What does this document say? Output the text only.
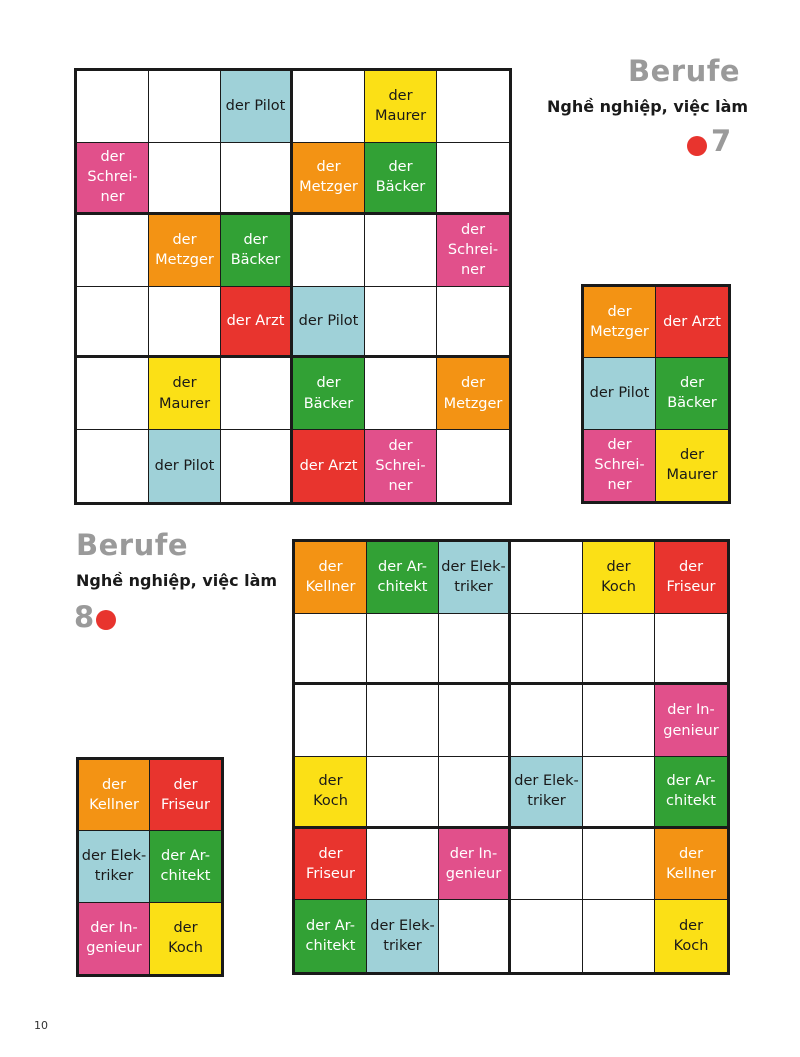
der Pilot
der
Maurer
der
Schrei-
ner
der
Metzger
der
Bäcker
der
Metzger
der
Bäcker
der
Schrei-
ner
der Arzt der Pilot
der
Maurer
der
Bäcker
der
Metzger
der Pilot	der Arzt
der
Schrei-
ner
Berufe
Nghề nghiệp, việc làm
7
der
Metzger
der Arzt
der Pilot
der
Bäcker
der
Schrei-
ner
der
Maurer
Berufe
Nghề nghiệp, việc làm
8
der
Kellner
der Ar-
chitekt
der Elek-
triker
der
Koch
der
Friseur
der In-
genieur
der
Koch
der Elek-
triker
der Ar-
chitekt
der
Friseur
der In-
genieur
der
Kellner
der Ar-
chitekt
der Elek-
triker
der
Koch
der
Kellner
der
Friseur
der Elek-
triker
der Ar-
chitekt
der In-
genieur
der
Koch
10
